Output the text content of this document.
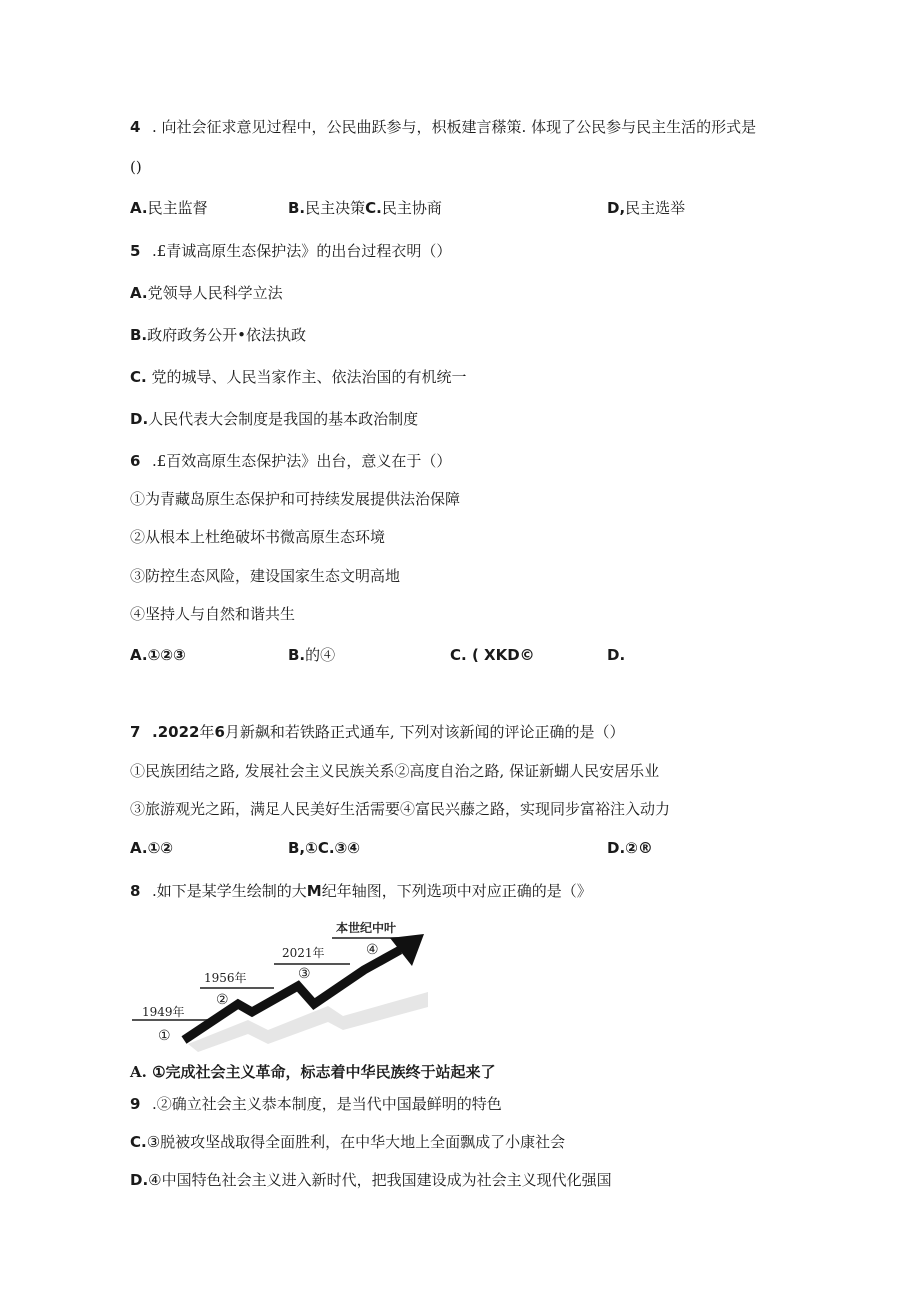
4 . 向社会征求意见过程中，公民曲跃参与，枳板建言䅷策. 体现了公民参与民主生活的形式是
()
A.民主监督	B.民主决策C.民主协商	D,民主选举
5 .£青诚高原生态保护法》的出台过程衣明（）
A.党领导人民科学立法
B.政府政务公开•依法执政
C. 党的城导、人民当家作主、依法治国的有机统一
D.人民代表大会制度是我国的基本政治制度
6 .£百效高原生态保护法》出台，意义在于（）
①为青藏岛原生态保护和可持续发展提供法治保障
②从根本上杜绝破坏书微高原生态环境
③防控生态风险，建设国家生态文明高地
④坚持人与自然和谐共生
A.①②③	B.的④	C. ( XKD©	D.
7 .2022年6月新飙和若铁路正式通车, 下列对该新闻的评论正确的是（）
①民族团结之路, 发展社会主义民族关系②高度自治之路, 保证新蝴人民安居乐业
③旅游观光之跖，满足人民美好生活需要④富民兴藤之路，实现同步富裕注入动力
A.①②	B,①C.③④	D.②®
8 .如下是某学生绘制的大M纪年轴图，下列选项中对应正确的是（》
1949年
①
1956年
②
2021年
③
本世纪中叶
④
A. ①完成社会主义革命，标志着中华民族终于站起来了
9 .②确立社会主义恭本制度，是当代中国最鲜明的特色
C.③脱被攻坚战取得全面胜利，在中华大地上全面飘成了小康社会
D.④中国特色社会主义进入新时代，把我国建设成为社会主义现代化强国
